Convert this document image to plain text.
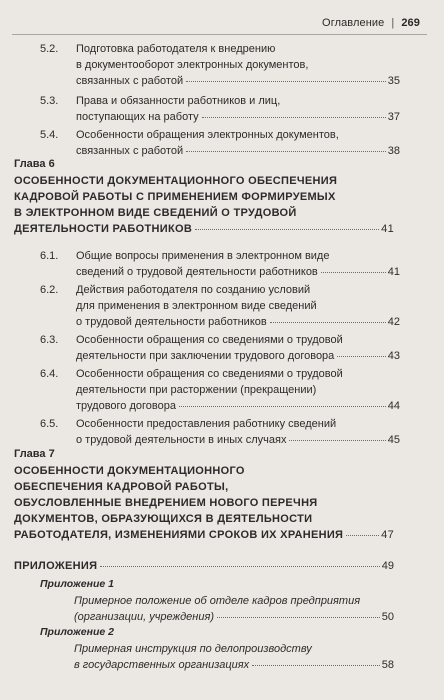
Оглавление | 269
5.2.	Подготовка работодателя к внедрению
в документооборот электронных документов,
связанных с работой	35
5.3.	Права и обязанности работников и лиц,
поступающих на работу	37
5.4.	Особенности обращения электронных документов,
связанных с работой	38
Глава 6
ОСОБЕННОСТИ ДОКУМЕНТАЦИОННОГО ОБЕСПЕЧЕНИЯ
КАДРОВОЙ РАБОТЫ С ПРИМЕНЕНИЕМ ФОРМИРУЕМЫХ
В ЭЛЕКТРОННОМ ВИДЕ СВЕДЕНИЙ О ТРУДОВОЙ
ДЕЯТЕЛЬНОСТИ РАБОТНИКОВ	41
6.1.	Общие вопросы применения в электронном виде
сведений о трудовой деятельности работников	41
6.2.	Действия работодателя по созданию условий
для применения в электронном виде сведений
о трудовой деятельности работников	42
6.3.	Особенности обращения со сведениями о трудовой
деятельности при заключении трудового договора	43
6.4.	Особенности обращения со сведениями о трудовой
деятельности при расторжении (прекращении)
трудового договора	44
6.5.	Особенности предоставления работнику сведений
о трудовой деятельности в иных случаях	45
Глава 7
ОСОБЕННОСТИ ДОКУМЕНТАЦИОННОГО
ОБЕСПЕЧЕНИЯ КАДРОВОЙ РАБОТЫ,
ОБУСЛОВЛЕННЫЕ ВНЕДРЕНИЕМ НОВОГО ПЕРЕЧНЯ
ДОКУМЕНТОВ, ОБРАЗУЮЩИХСЯ В ДЕЯТЕЛЬНОСТИ
РАБОТОДАТЕЛЯ, ИЗМЕНЕНИЯМИ СРОКОВ ИХ ХРАНЕНИЯ	47
ПРИЛОЖЕНИЯ	49
Приложение 1
Примерное положение об отделе кадров предприятия
(организации, учреждения)	50
Приложение 2
Примерная инструкция по делопроизводству
в государственных организациях	58
